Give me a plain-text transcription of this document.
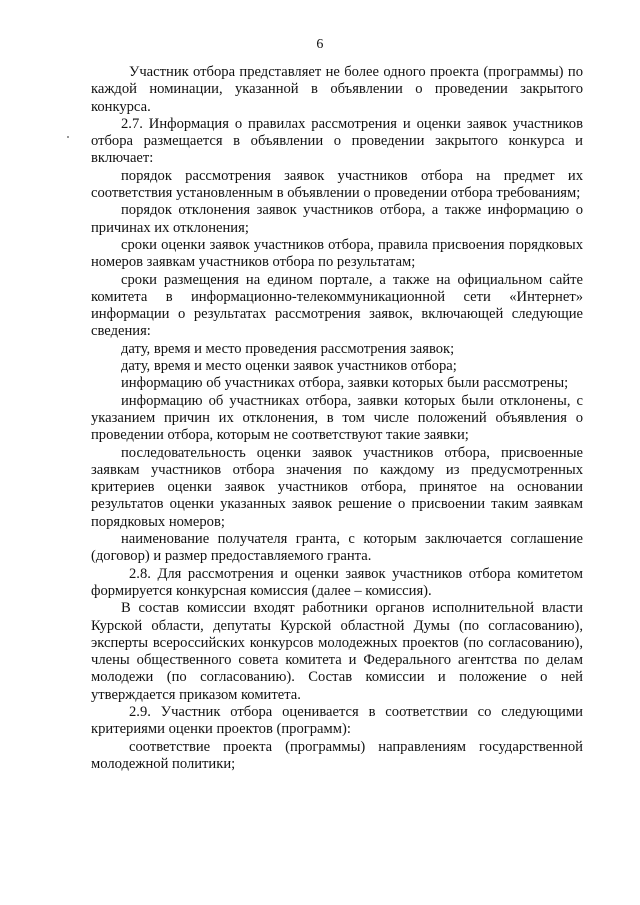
6

Участник отбора представляет не более одного проекта (программы) по каждой номинации, указанной в объявлении о проведении закрытого конкурса.

2.7. Информация о правилах рассмотрения и оценки заявок участников отбора размещается в объявлении о проведении закрытого конкурса и включает:

порядок рассмотрения заявок участников отбора на предмет их соответствия установленным в объявлении о проведении отбора требованиям;

порядок отклонения заявок участников отбора, а также информацию о причинах их отклонения;

сроки оценки заявок участников отбора, правила присвоения порядковых номеров заявкам участников отбора по результатам;

сроки размещения на едином портале, а также на официальном сайте комитета в информационно-телекоммуникационной сети «Интернет» информации о результатах рассмотрения заявок, включающей следующие сведения:

дату, время и место проведения рассмотрения заявок;

дату, время и место оценки заявок участников отбора;

информацию об участниках отбора, заявки которых были рассмотрены;

информацию об участниках отбора, заявки которых были отклонены, с указанием причин их отклонения, в том числе положений объявления о проведении отбора, которым не соответствуют такие заявки;

последовательность оценки заявок участников отбора, присвоенные заявкам участников отбора значения по каждому из предусмотренных критериев оценки заявок участников отбора, принятое на основании результатов оценки указанных заявок решение о присвоении таким заявкам порядковых номеров;

наименование получателя гранта, с которым заключается соглашение (договор) и размер предоставляемого гранта.

2.8. Для рассмотрения и оценки заявок участников отбора комитетом формируется конкурсная комиссия (далее – комиссия).

В состав комиссии входят работники органов исполнительной власти Курской области, депутаты Курской областной Думы (по согласованию), эксперты всероссийских конкурсов молодежных проектов (по согласованию), члены общественного совета комитета и Федерального агентства по делам молодежи (по согласованию). Состав комиссии и положение о ней утверждается приказом комитета.

2.9. Участник отбора оценивается в соответствии со следующими критериями оценки проектов (программ):

соответствие проекта (программы) направлениям государственной молодежной политики;
